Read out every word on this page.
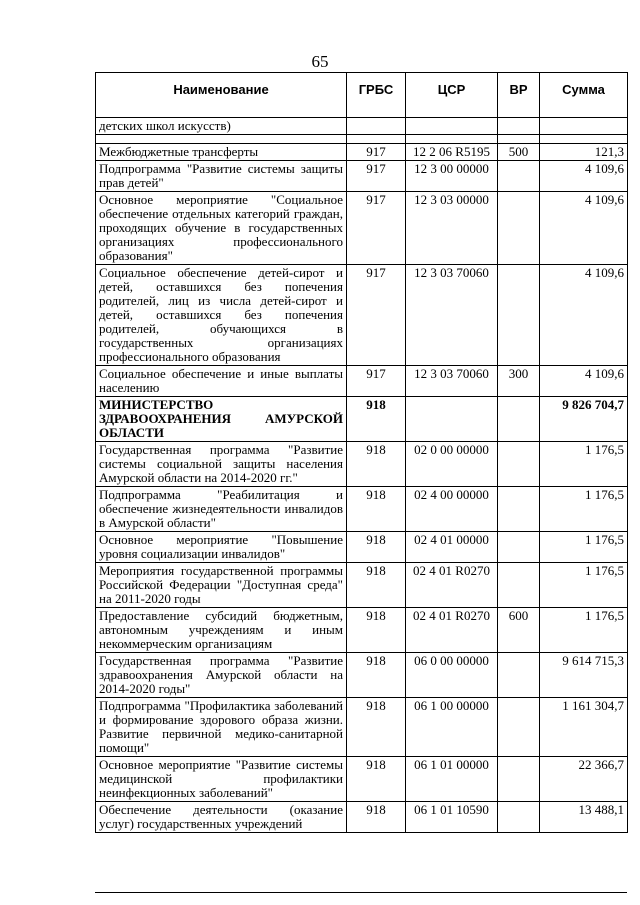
65
Наименование	ГРБС	ЦСР	ВР	Сумма
детских школ искусств)				

Межбюджетные трансферты	917	12 2 06 R5195	500	121,3
Подпрограмма "Развитие системы защиты прав детей"	917	12 3 00 00000		4 109,6
Основное мероприятие "Социальное обеспечение отдельных категорий граждан, проходящих обучение в государственных организациях профессионального образования"	917	12 3 03 00000		4 109,6
Социальное обеспечение детей-сирот и детей, оставшихся без попечения родителей, лиц из числа детей-сирот и детей, оставшихся без попечения родителей, обучающихся в государственных организациях профессионального образования	917	12 3 03 70060		4 109,6
Социальное обеспечение и иные выплаты населению	917	12 3 03 70060	300	4 109,6
МИНИСТЕРСТВО ЗДРАВООХРАНЕНИЯ АМУРСКОЙ ОБЛАСТИ	918			9 826 704,7
Государственная программа "Развитие системы социальной защиты населения Амурской области на 2014-2020 гг."	918	02 0 00 00000		1 176,5
Подпрограмма "Реабилитация и обеспечение жизнедеятельности инвалидов в Амурской области"	918	02 4 00 00000		1 176,5
Основное мероприятие "Повышение уровня социализации инвалидов"	918	02 4 01 00000		1 176,5
Мероприятия государственной программы Российской Федерации "Доступная среда" на 2011-2020 годы	918	02 4 01 R0270		1 176,5
Предоставление субсидий бюджетным, автономным учреждениям и иным некоммерческим организациям	918	02 4 01 R0270	600	1 176,5
Государственная программа "Развитие здравоохранения Амурской области на 2014-2020 годы"	918	06 0 00 00000		9 614 715,3
Подпрограмма "Профилактика заболеваний и формирование здорового образа жизни. Развитие первичной медико-санитарной помощи"	918	06 1 00 00000		1 161 304,7
Основное мероприятие "Развитие системы медицинской профилактики неинфекционных заболеваний"	918	06 1 01 00000		22 366,7
Обеспечение деятельности (оказание услуг) государственных учреждений	918	06 1 01 10590		13 488,1
